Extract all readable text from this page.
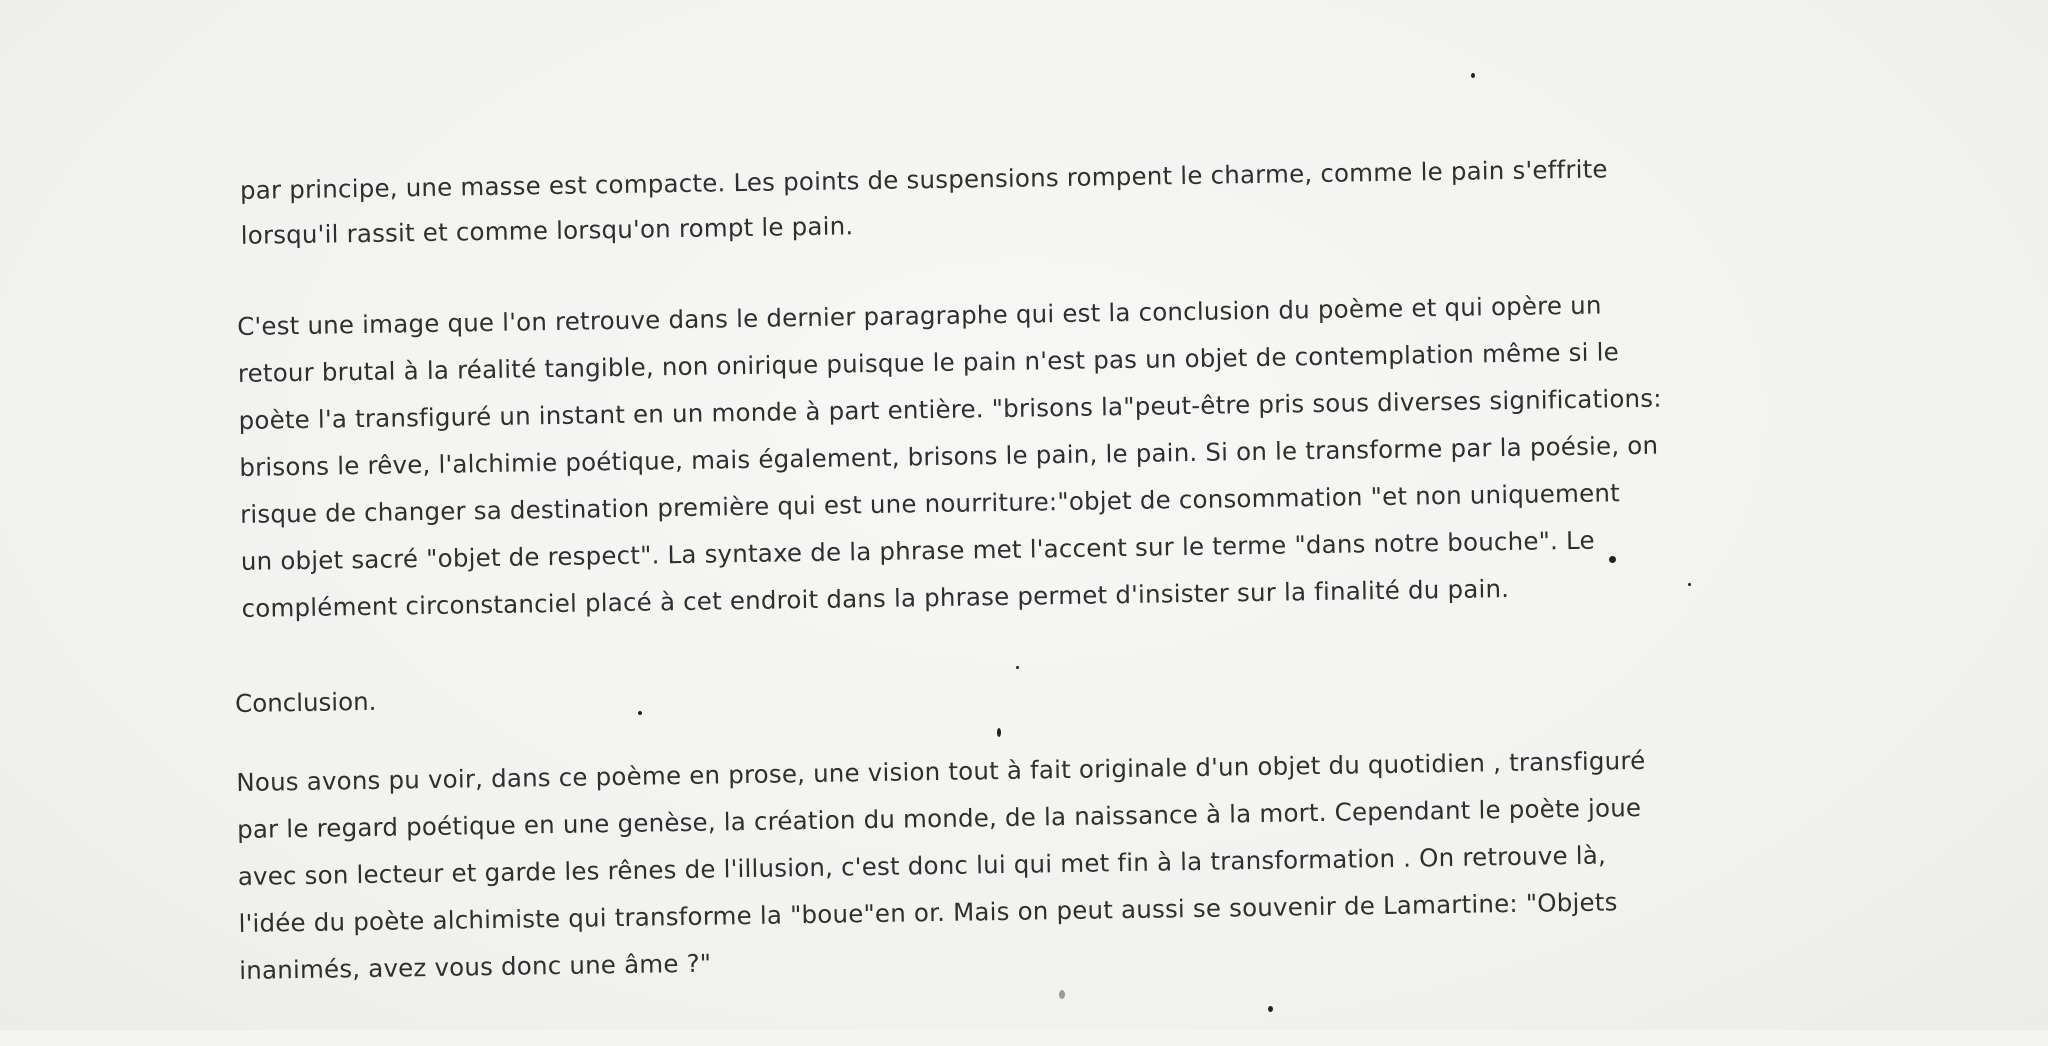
par principe, une masse est compacte. Les points de suspensions rompent le charme, comme le pain s'effrite
lorsqu'il rassit et comme lorsqu'on rompt le pain.
C'est une image que l'on retrouve dans le dernier paragraphe qui est la conclusion du poème et qui opère un
retour brutal à la réalité tangible, non onirique puisque le pain n'est pas un objet de contemplation même si le
poète l'a transfiguré un instant en un monde à part entière. "brisons la"peut-être pris sous diverses significations:
brisons le rêve, l'alchimie poétique, mais également, brisons le pain, le pain. Si on le transforme par la poésie, on
risque de changer sa destination première qui est une nourriture:"objet de consommation "et non uniquement
un objet sacré "objet de respect". La syntaxe de la phrase met l'accent sur le terme "dans notre bouche". Le
complément circonstanciel placé à cet endroit dans la phrase permet d'insister sur la finalité du pain.
Conclusion.
Nous avons pu voir, dans ce poème en prose, une vision tout à fait originale d'un objet du quotidien , transfiguré
par le regard poétique en une genèse, la création du monde, de la naissance à la mort. Cependant le poète joue
avec son lecteur et garde les rênes de l'illusion, c'est donc lui qui met fin à la transformation . On retrouve là,
l'idée du poète alchimiste qui transforme la "boue"en or. Mais on peut aussi se souvenir de Lamartine: "Objets
inanimés, avez vous donc une âme ?"
